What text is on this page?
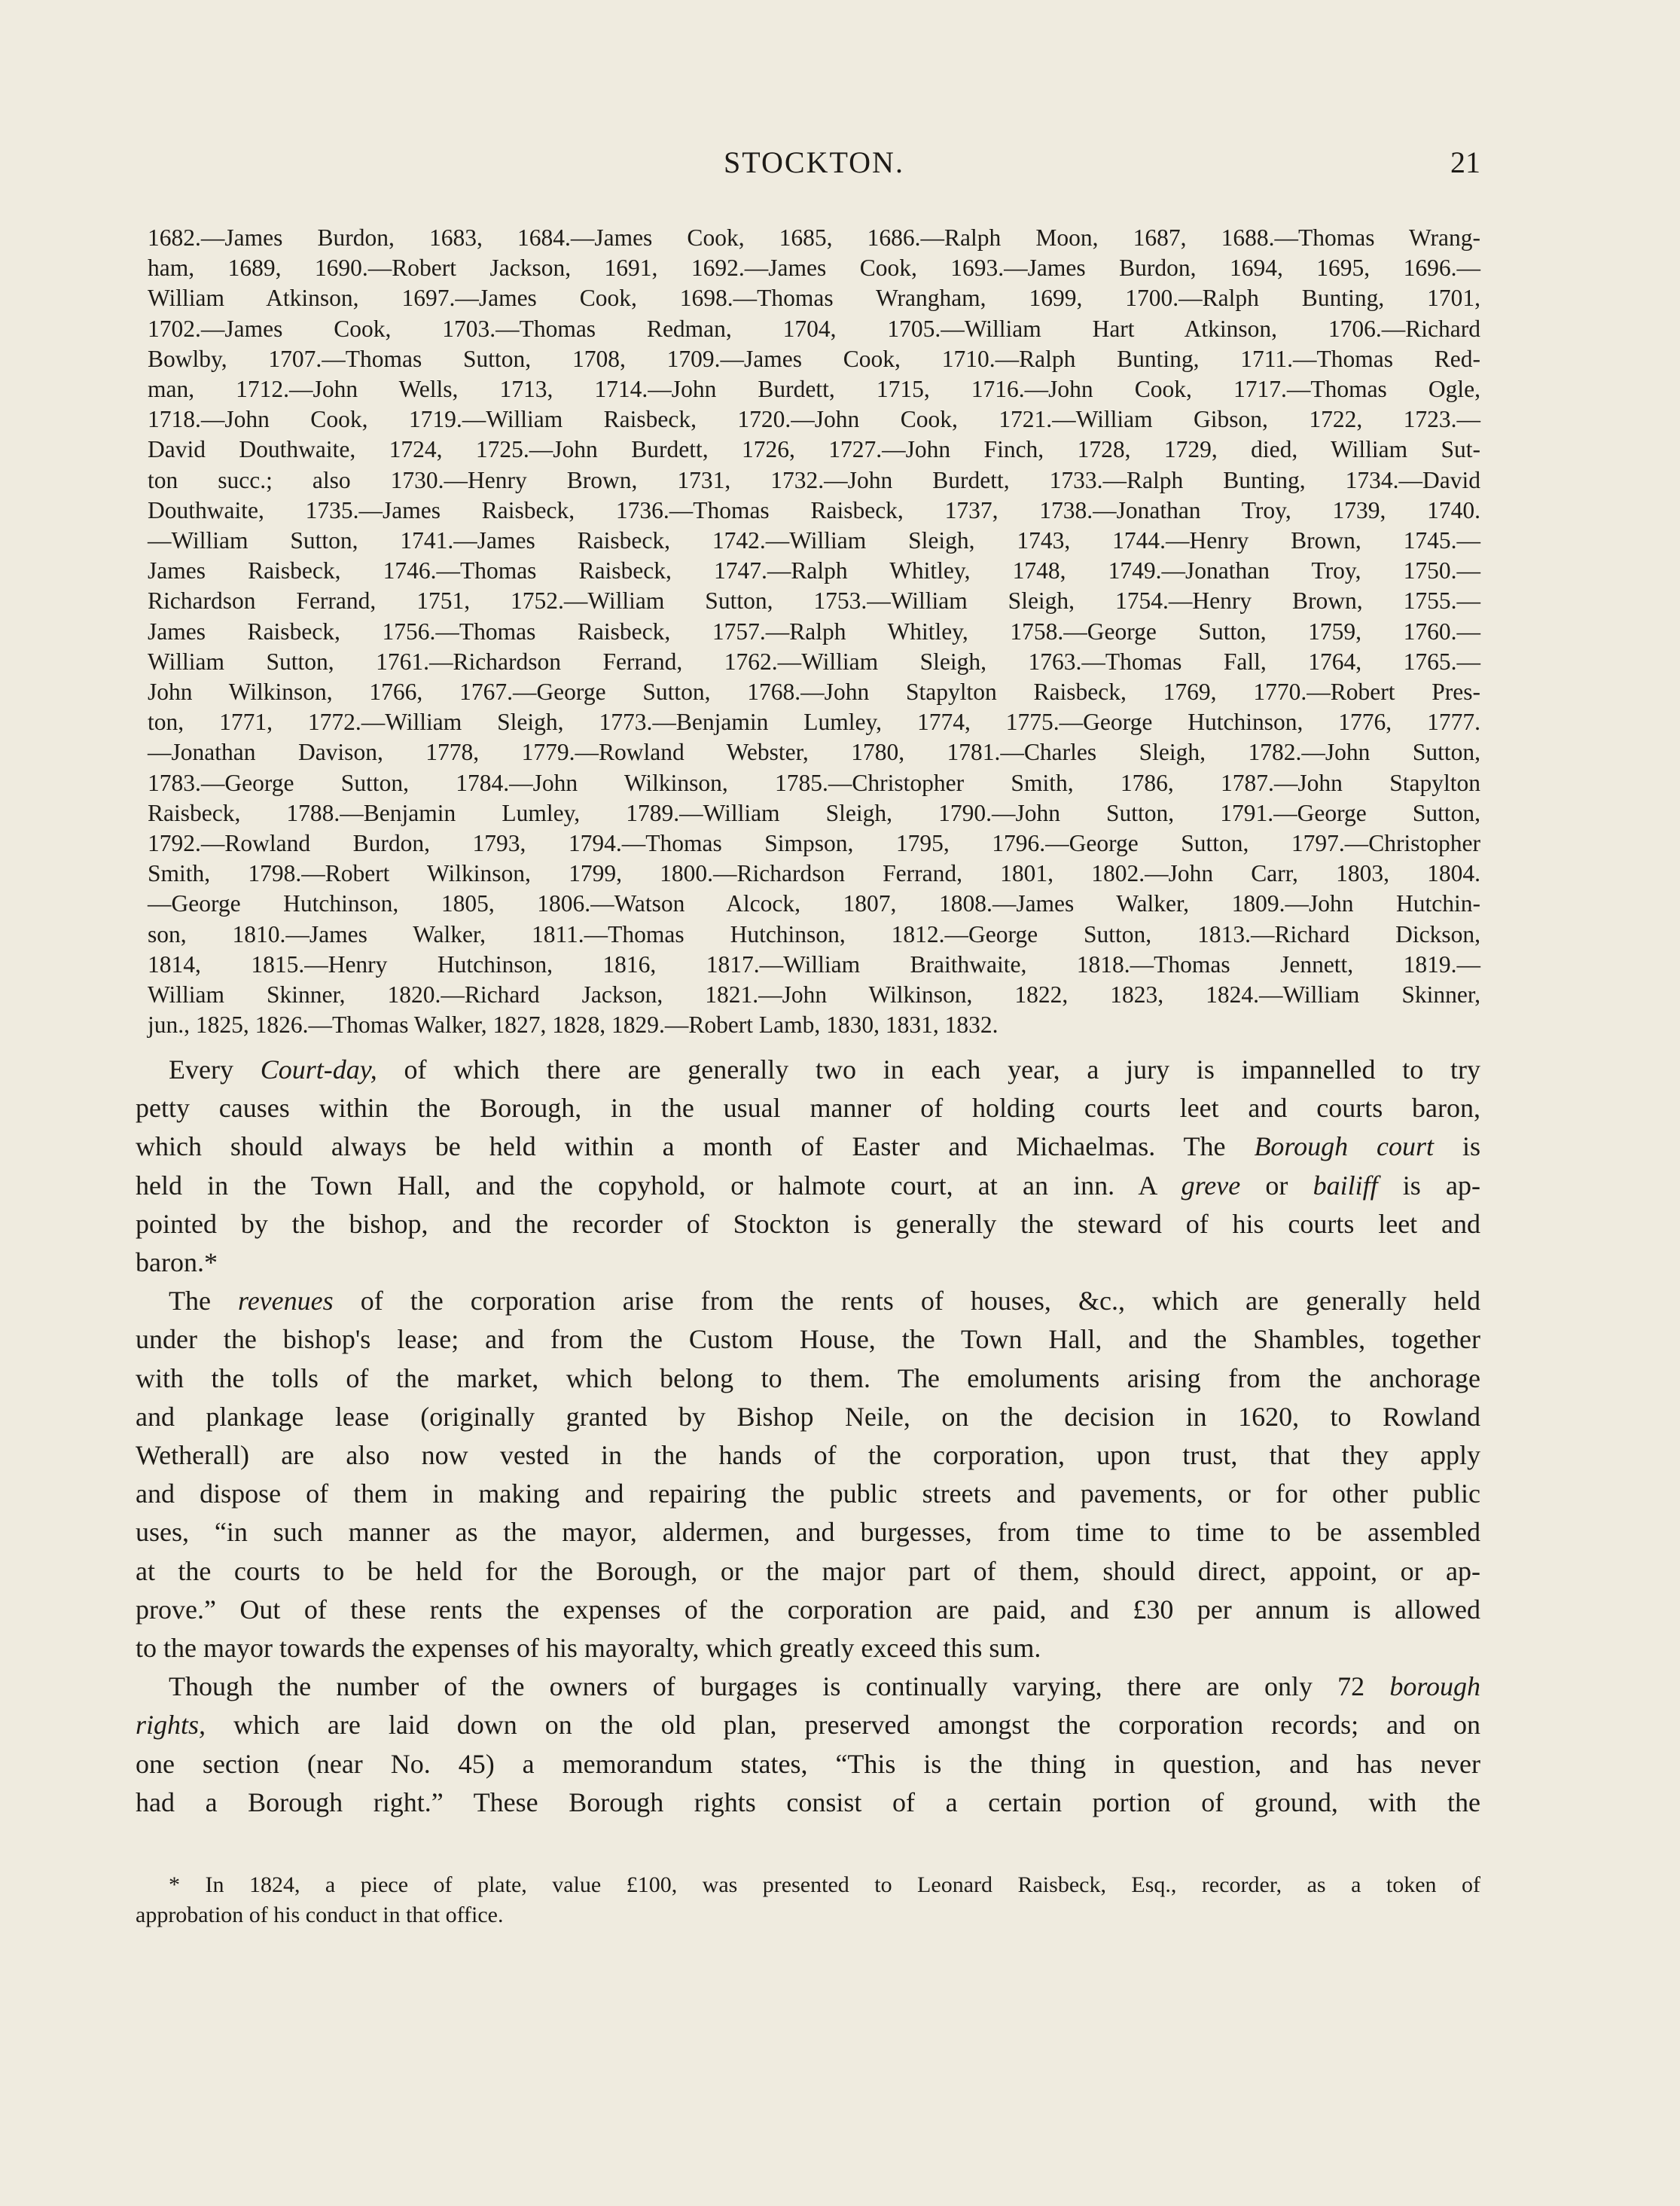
STOCKTON.	21
1682.—James Burdon, 1683, 1684.—James Cook, 1685, 1686.—Ralph Moon, 1687, 1688.—Thomas Wrang-
ham, 1689, 1690.—Robert Jackson, 1691, 1692.—James Cook, 1693.—James Burdon, 1694, 1695, 1696.—
William Atkinson, 1697.—James Cook, 1698.—Thomas Wrangham, 1699, 1700.—Ralph Bunting, 1701,
1702.—James Cook, 1703.—Thomas Redman, 1704, 1705.—William Hart Atkinson, 1706.—Richard
Bowlby, 1707.—Thomas Sutton, 1708, 1709.—James Cook, 1710.—Ralph Bunting, 1711.—Thomas Red-
man, 1712.—John Wells, 1713, 1714.—John Burdett, 1715, 1716.—John Cook, 1717.—Thomas Ogle,
1718.—John Cook, 1719.—William Raisbeck, 1720.—John Cook, 1721.—William Gibson, 1722, 1723.—
David Douthwaite, 1724, 1725.—John Burdett, 1726, 1727.—John Finch, 1728, 1729, died, William Sut-
ton succ.; also 1730.—Henry Brown, 1731, 1732.—John Burdett, 1733.—Ralph Bunting, 1734.—David
Douthwaite, 1735.—James Raisbeck, 1736.—Thomas Raisbeck, 1737, 1738.—Jonathan Troy, 1739, 1740.
—William Sutton, 1741.—James Raisbeck, 1742.—William Sleigh, 1743, 1744.—Henry Brown, 1745.—
James Raisbeck, 1746.—Thomas Raisbeck, 1747.—Ralph Whitley, 1748, 1749.—Jonathan Troy, 1750.—
Richardson Ferrand, 1751, 1752.—William Sutton, 1753.—William Sleigh, 1754.—Henry Brown, 1755.—
James Raisbeck, 1756.—Thomas Raisbeck, 1757.—Ralph Whitley, 1758.—George Sutton, 1759, 1760.—
William Sutton, 1761.—Richardson Ferrand, 1762.—William Sleigh, 1763.—Thomas Fall, 1764, 1765.—
John Wilkinson, 1766, 1767.—George Sutton, 1768.—John Stapylton Raisbeck, 1769, 1770.—Robert Pres-
ton, 1771, 1772.—William Sleigh, 1773.—Benjamin Lumley, 1774, 1775.—George Hutchinson, 1776, 1777.
—Jonathan Davison, 1778, 1779.—Rowland Webster, 1780, 1781.—Charles Sleigh, 1782.—John Sutton,
1783.—George Sutton, 1784.—John Wilkinson, 1785.—Christopher Smith, 1786, 1787.—John Stapylton
Raisbeck, 1788.—Benjamin Lumley, 1789.—William Sleigh, 1790.—John Sutton, 1791.—George Sutton,
1792.—Rowland Burdon, 1793, 1794.—Thomas Simpson, 1795, 1796.—George Sutton, 1797.—Christopher
Smith, 1798.—Robert Wilkinson, 1799, 1800.—Richardson Ferrand, 1801, 1802.—John Carr, 1803, 1804.
—George Hutchinson, 1805, 1806.—Watson Alcock, 1807, 1808.—James Walker, 1809.—John Hutchin-
son, 1810.—James Walker, 1811.—Thomas Hutchinson, 1812.—George Sutton, 1813.—Richard Dickson,
1814, 1815.—Henry Hutchinson, 1816, 1817.—William Braithwaite, 1818.—Thomas Jennett, 1819.—
William Skinner, 1820.—Richard Jackson, 1821.—John Wilkinson, 1822, 1823, 1824.—William Skinner,
jun., 1825, 1826.—Thomas Walker, 1827, 1828, 1829.—Robert Lamb, 1830, 1831, 1832.
Every Court-day, of which there are generally two in each year, a jury is impannelled to try
petty causes within the Borough, in the usual manner of holding courts leet and courts baron,
which should always be held within a month of Easter and Michaelmas. The Borough court is
held in the Town Hall, and the copyhold, or halmote court, at an inn. A greve or bailiff is ap-
pointed by the bishop, and the recorder of Stockton is generally the steward of his courts leet and
baron.*
The revenues of the corporation arise from the rents of houses, &c., which are generally held
under the bishop's lease; and from the Custom House, the Town Hall, and the Shambles, together
with the tolls of the market, which belong to them. The emoluments arising from the anchorage
and plankage lease (originally granted by Bishop Neile, on the decision in 1620, to Rowland
Wetherall) are also now vested in the hands of the corporation, upon trust, that they apply
and dispose of them in making and repairing the public streets and pavements, or for other public
uses, “in such manner as the mayor, aldermen, and burgesses, from time to time to be assembled
at the courts to be held for the Borough, or the major part of them, should direct, appoint, or ap-
prove.” Out of these rents the expenses of the corporation are paid, and £30 per annum is allowed
to the mayor towards the expenses of his mayoralty, which greatly exceed this sum.
Though the number of the owners of burgages is continually varying, there are only 72 borough
rights, which are laid down on the old plan, preserved amongst the corporation records; and on
one section (near No. 45) a memorandum states, “This is the thing in question, and has never
had a Borough right.” These Borough rights consist of a certain portion of ground, with the
* In 1824, a piece of plate, value £100, was presented to Leonard Raisbeck, Esq., recorder, as a token of
approbation of his conduct in that office.
